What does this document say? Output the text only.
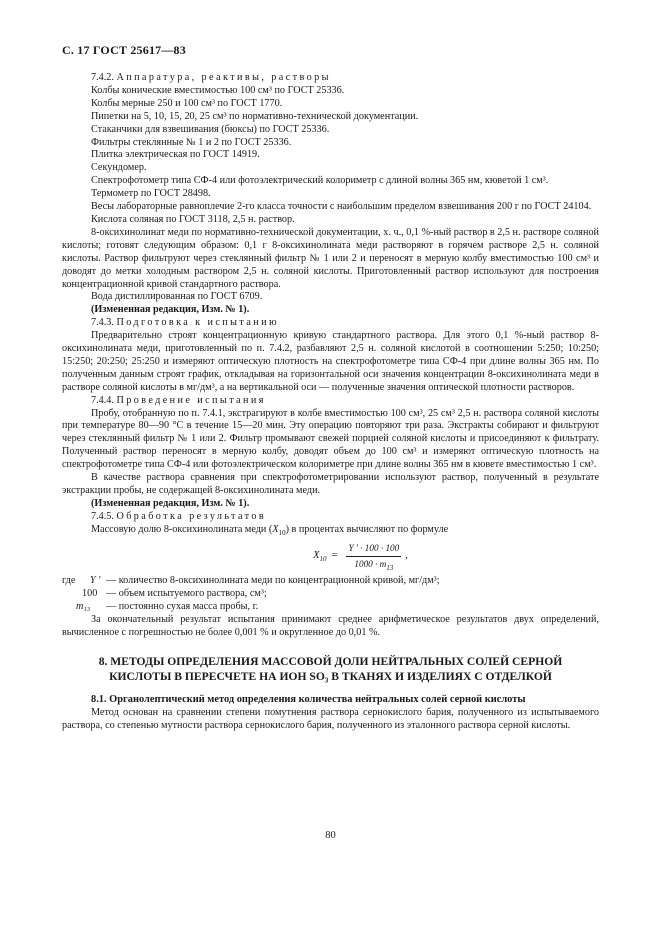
С. 17 ГОСТ 25617—83

7.4.2. Аппаратура, реактивы, растворы

Колбы конические вместимостью 100 см³ по ГОСТ 25336.

Колбы мерные 250 и 100 см³ по ГОСТ 1770.

Пипетки на 5, 10, 15, 20, 25 см³ по нормативно-технической документации.

Стаканчики для взвешивания (бюксы) по ГОСТ 25336.

Фильтры стеклянные № 1 и 2 по ГОСТ 25336.

Плитка электрическая по ГОСТ 14919.

Секундомер.

Спектрофотометр типа СФ-4 или фотоэлектрический колориметр с длиной волны 365 нм, кюветой 1 см³.

Термометр по ГОСТ 28498.

Весы лабораторные равноплечие 2-го класса точности с наибольшим пределом взвешивания 200 г по ГОСТ 24104.

Кислота соляная по ГОСТ 3118, 2,5 н. раствор.

8-оксихинолинат меди по нормативно-технической документации, х. ч., 0,1 %-ный раствор в 2,5 н. растворе соляной кислоты; готовят следующим образом: 0,1 г 8-оксихинолината меди растворяют в горячем растворе 2,5 н. соляной кислоты. Раствор фильтруют через стеклянный фильтр № 1 или 2 и переносят в мерную колбу вместимостью 100 см³ и доводят до метки холодным раствором 2,5 н. соляной кислоты. Приготовленный раствор используют для построения концентрационной кривой стандартного раствора.

Вода дистиллированная по ГОСТ 6709.

(Измененная редакция, Изм. № 1).

7.4.3. Подготовка к испытанию

Предварительно строят концентрационную кривую стандартного раствора. Для этого 0,1 %-ный раствор 8-оксихинолината меди, приготовленный по п. 7.4.2, разбавляют 2,5 н. соляной кислотой в соотношении 5:250; 10:250; 15:250; 20:250; 25:250 и измеряют оптическую плотность на спектрофотометре типа СФ-4 при длине волны 365 нм. По полученным данным строят график, откладывая на горизонтальной оси значения концентрации 8-оксихинолината меди в растворе соляной кислоты в мг/дм³, а на вертикальной оси — полученные значения оптической плотности растворов.

7.4.4. Проведение испытания

Пробу, отобранную по п. 7.4.1, экстрагируют в колбе вместимостью 100 см³, 25 см³ 2,5 н. раствора соляной кислоты при температуре 80—90 °С в течение 15—20 мин. Эту операцию повторяют три раза. Экстракты собирают и фильтруют через стеклянный фильтр № 1 или 2. Фильтр промывают свежей порцией соляной кислоты и присоединяют к фильтрату. Полученный раствор переносят в мерную колбу, доводят объем до 100 см³ и измеряют оптическую плотность на спектрофотометре типа СФ-4 или фотоэлектрическом колориметре при длине волны 365 нм в кювете вместимостью 1 см³.

В качестве раствора сравнения при спектрофотометрировании используют раствор, полученный в результате экстракции пробы, не содержащей 8-оксихинолината меди.

(Измененная редакция, Изм. № 1).

7.4.5. Обработка результатов

Массовую долю 8-оксихинолината меди $(X_{10})$ в процентах вычисляют по формуле

$X_{10} = \frac{Y ' \cdot 100 \cdot 100}{1000 \cdot m_{13}}$ ,
где	Y ′ — количество 8-оксихинолината меди по концентрационной кривой, мг/дм³;
100 — объем испытуемого раствора, см³;
m₁₃	— постоянно сухая масса пробы, г.

За окончательный результат испытания принимают среднее арифметическое результатов двух определений, вычисленное с погрешностью не более 0,001 % и округленное до 0,01 %.

8. МЕТОДЫ ОПРЕДЕЛЕНИЯ МАССОВОЙ ДОЛИ НЕЙТРАЛЬНЫХ СОЛЕЙ СЕРНОЙ
КИСЛОТЫ В ПЕРЕСЧЕТЕ НА ИОН SO₃ В ТКАНЯХ И ИЗДЕЛИЯХ С ОТДЕЛКОЙ

8.1. Органолептический метод определения количества нейтральных солей серной кислоты

Метод основан на сравнении степени помутнения раствора сернокислого бария, полученного из испытываемого раствора, со степенью мутности раствора сернокислого бария, полученного из эталонного раствора серной кислоты.

80
